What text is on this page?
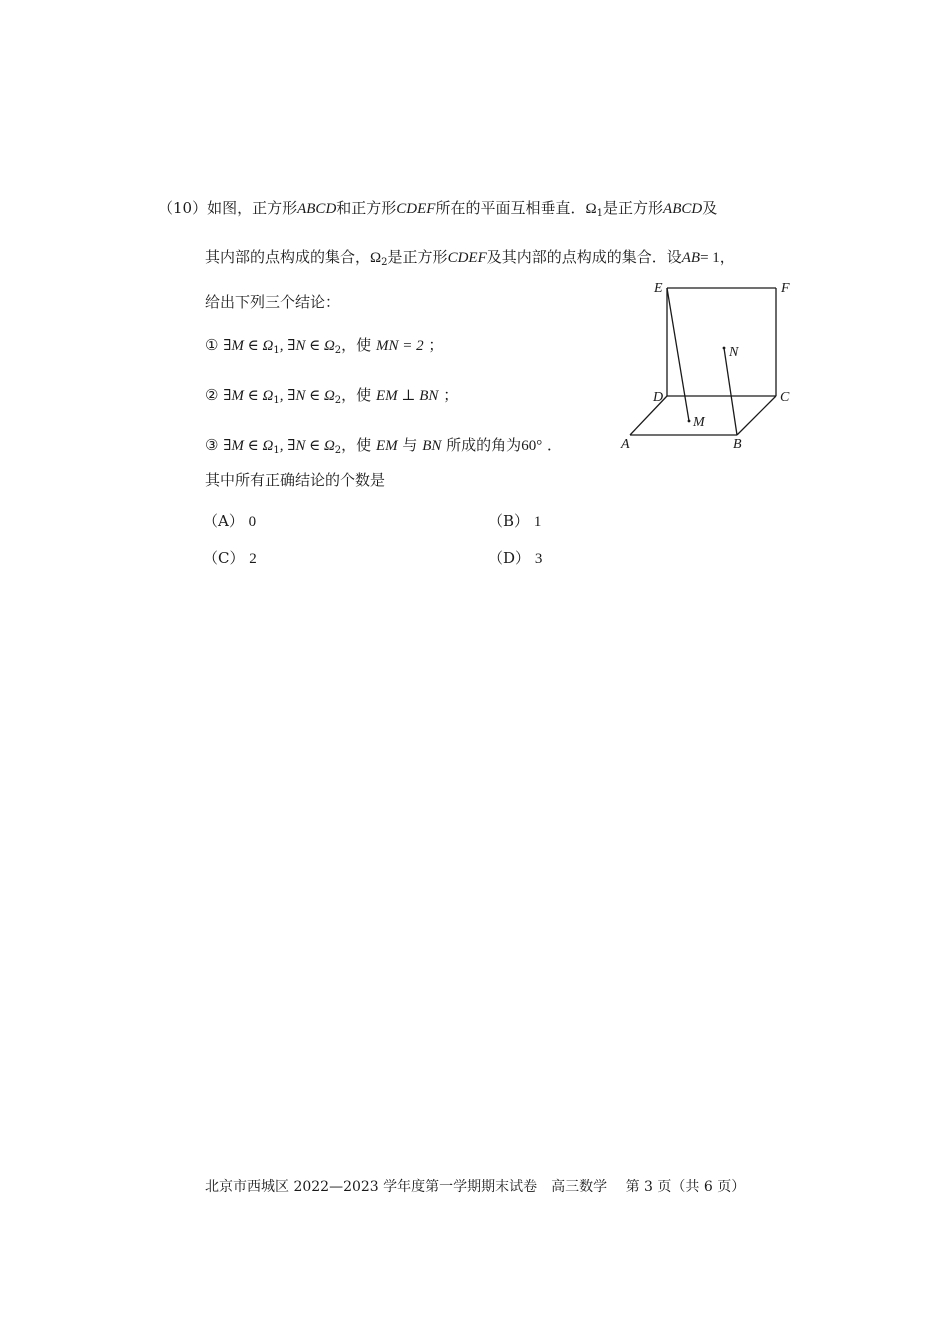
（10）如图，正方形ABCD和正方形CDEF所在的平面互相垂直．$\Omega_1$是正方形ABCD及
其内部的点构成的集合，$\Omega_2$是正方形CDEF及其内部的点构成的集合．设AB= 1，
给出下列三个结论：
① ∃M ∈ $\Omega_1$, ∃N ∈ $\Omega_2$，使 MN = 2 ；
② ∃M ∈ $\Omega_1$, ∃N ∈ $\Omega_2$，使 EM ⊥ BN ；
③ ∃M ∈ $\Omega_1$, ∃N ∈ $\Omega_2$，使 EM 与 BN 所成的角为60° ．
其中所有正确结论的个数是
（A） 0	（B） 1
（C） 2	（D） 3
E	F
N
D	C
M
A	B
北京市西城区 2022—2023 学年度第一学期期末试卷　高三数学　 第 3 页（共 6 页）
